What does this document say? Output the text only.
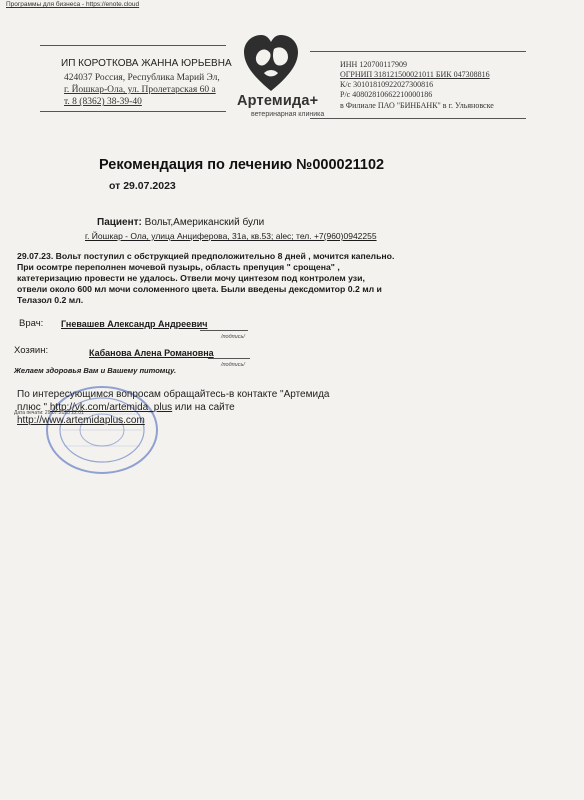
Программы для бизнеса - https://enote.cloud
ИП КОРОТКОВА ЖАННА ЮРЬЕВНА
424037 Россия, Республика Марий Эл,
г. Йошкар-Ола, ул. Пролетарская 60 а
т. 8 (8362) 38-39-40	Артемида+
ветеринарная клиника
ИНН 120700117909
ОГРНИП 318121500021011 БИК 047308816
К/с 30101810922027300816
Р/с 40802810662210000186
в Филиале ПАО "БИНБАНК" в г. Ульяновске
Рекомендация по лечению №000021102
от 29.07.2023
Пациент: Вольт,Американский були
г. Йошкар - Ола, улица Анциферова, 31а, кв.53; alec; тел. +7(960)0942255
29.07.23. Вольт поступил с обструкцией предположительно 8 дней , мочится капельно. При осомтре переполнен мочевой пузырь, область препуция " срощена" , катетеризацию провести не удалось. Отвели мочу цинтезом под контролем узи, отвели около 600 мл мочи соломенного цвета. Были введены дексдомитор 0.2 мл и Телазол 0.2 мл.
Врач: Гневашев Александр Андреевич
/подпись/
Хозяин:	Кабанова Алена Романовна
/подпись/
Желаем здоровья Вам и Вашему питомцу.
По интересующимся вопросам обращайтесь-в контакте "Артемида плюс " http://vk.com/artemida_plus или на сайте http://www.artemidaplus.com
Дата печати: 29.07.2023 22:01
